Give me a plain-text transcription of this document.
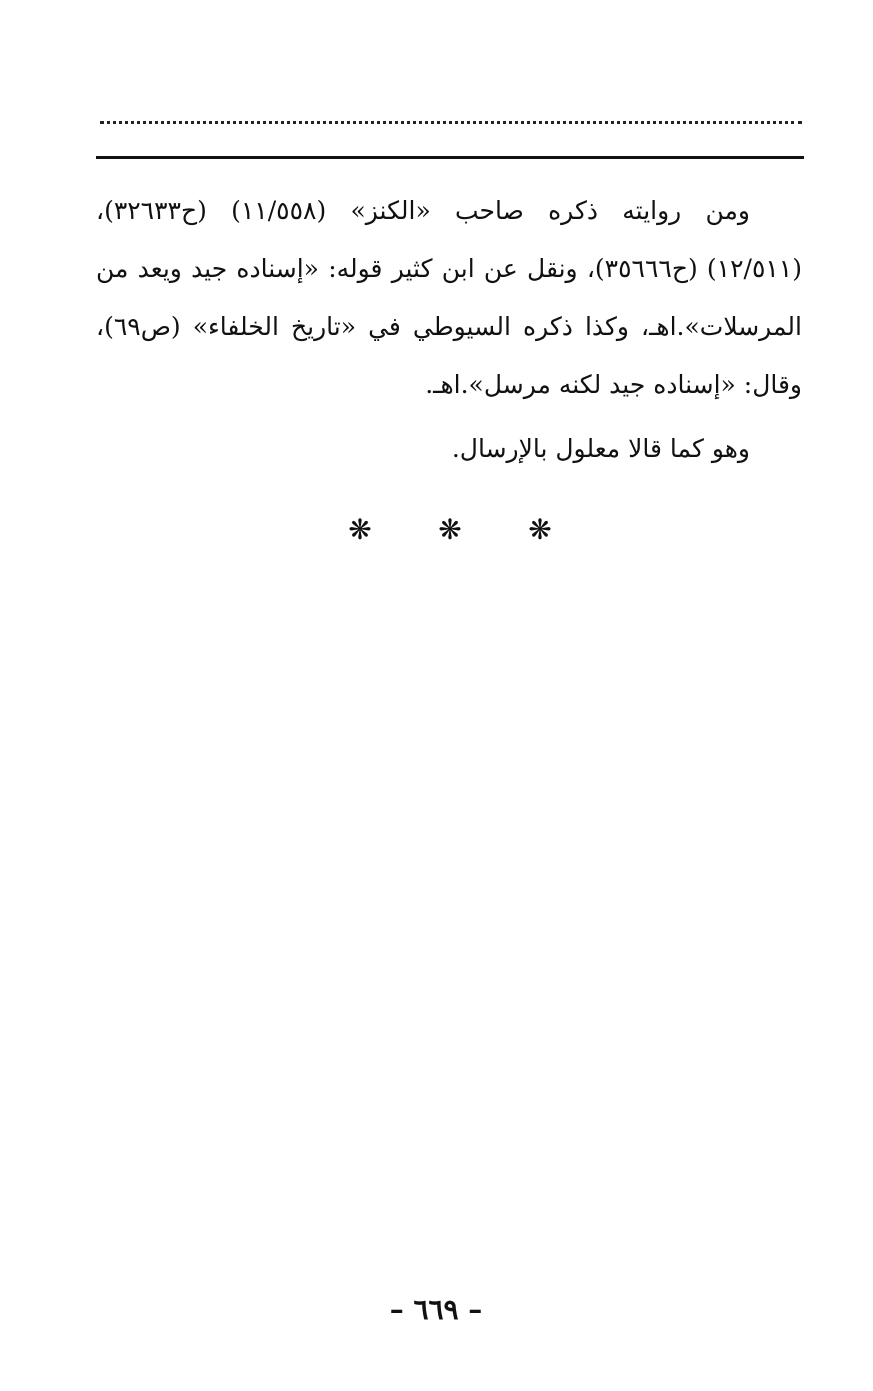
ومن روايته ذكره صاحب «الكنز» (١١/٥٥٨) (ح٣٢٦٣٣)، (١٢/٥١١) (ح٣٥٦٦٦)، ونقل عن ابن كثير قوله: «إسناده جيد ويعد من المرسلات».اهـ، وكذا ذكره السيوطي في «تاريخ الخلفاء» (ص٦٩)، وقال: «إسناده جيد لكنه مرسل».اهـ.

وهو كما قالا معلول بالإرسال.

❋ ❋ ❋
– ٦٦٩ –
